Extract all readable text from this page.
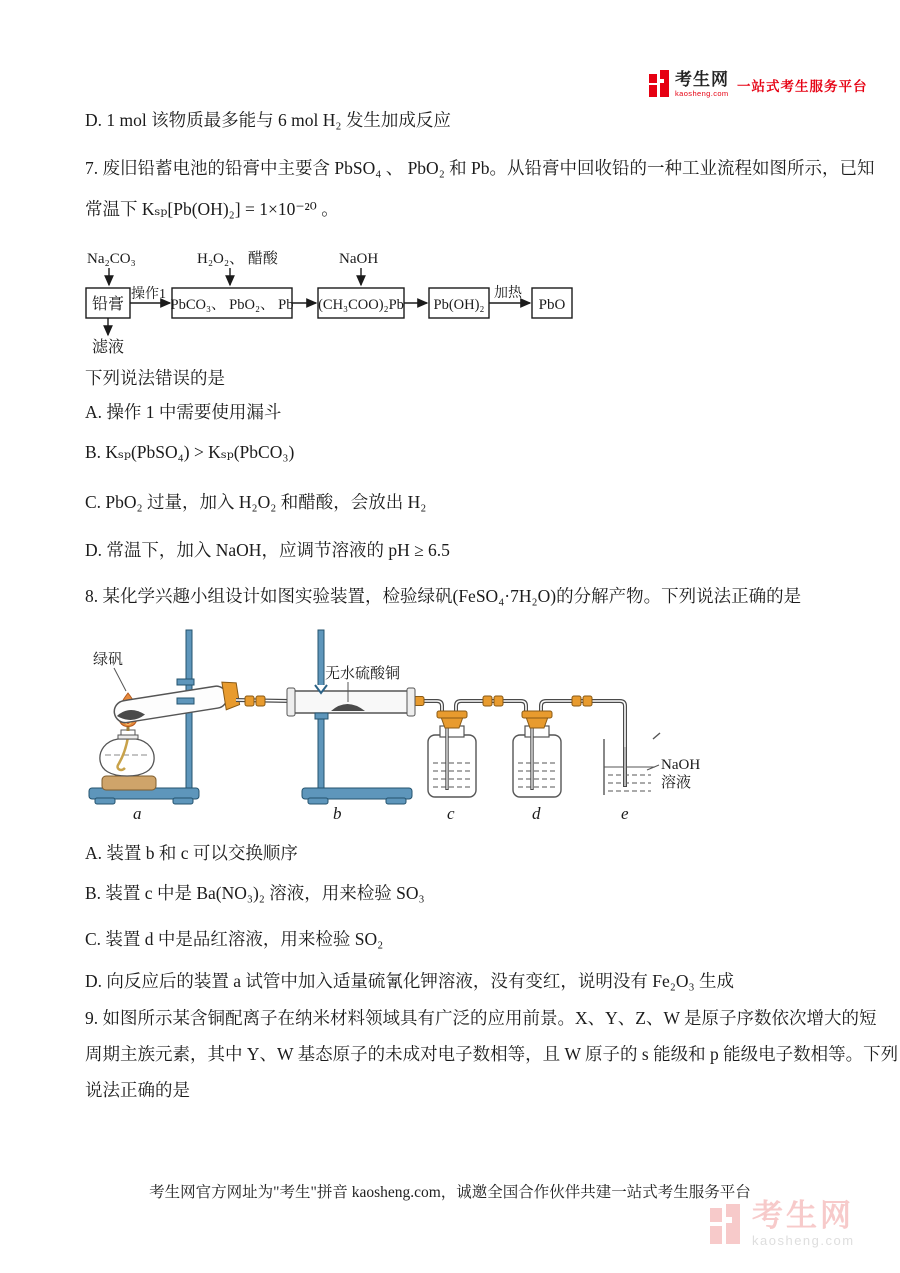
考生网
kaosheng.com
一站式考生服务平台
D. 1 mol 该物质最多能与 6 mol H₂ 发生加成反应
7. 废旧铅蓄电池的铅膏中主要含 PbSO₄ 、 PbO₂ 和 Pb。从铅膏中回收铅的一种工业流程如图所示，已知
常温下 Kₛₚ[Pb(OH)₂] = 1×10⁻²⁰ 。
下列说法错误的是
A. 操作 1 中需要使用漏斗
B. Kₛₚ(PbSO₄) > Kₛₚ(PbCO₃)
C. PbO₂ 过量，加入 H₂O₂ 和醋酸，会放出 H₂
D. 常温下，加入 NaOH，应调节溶液的 pH ≥ 6.5
8. 某化学兴趣小组设计如图实验装置，检验绿矾(FeSO₄·7H₂O)的分解产物。下列说法正确的是
A. 装置 b 和 c 可以交换顺序
B. 装置 c 中是 Ba(NO₃)₂ 溶液，用来检验 SO₃
C. 装置 d 中是品红溶液，用来检验 SO₂
D. 向反应后的装置 a 试管中加入适量硫氰化钾溶液，没有变红，说明没有 Fe₂O₃ 生成
9. 如图所示某含铜配离子在纳米材料领域具有广泛的应用前景。X、Y、Z、W 是原子序数依次增大的短
周期主族元素，其中 Y、W 基态原子的未成对电子数相等，且 W 原子的 s 能级和 p 能级电子数相等。下列
说法正确的是
Na₂CO₃	H₂O₂、 醋酸	NaOH
铅膏	PbCO₃、 PbO₂、 Pb (CH₃COO)₂Pb Pb(OH)₂	PbO
操作1	加热
滤液
绿矾
无水硫酸铜
NaOH
溶液
a	b	c	d	e
考生网官方网址为"考生"拼音 kaosheng.com，诚邀全国合作伙伴共建一站式考生服务平台
考生网
kaosheng.com
